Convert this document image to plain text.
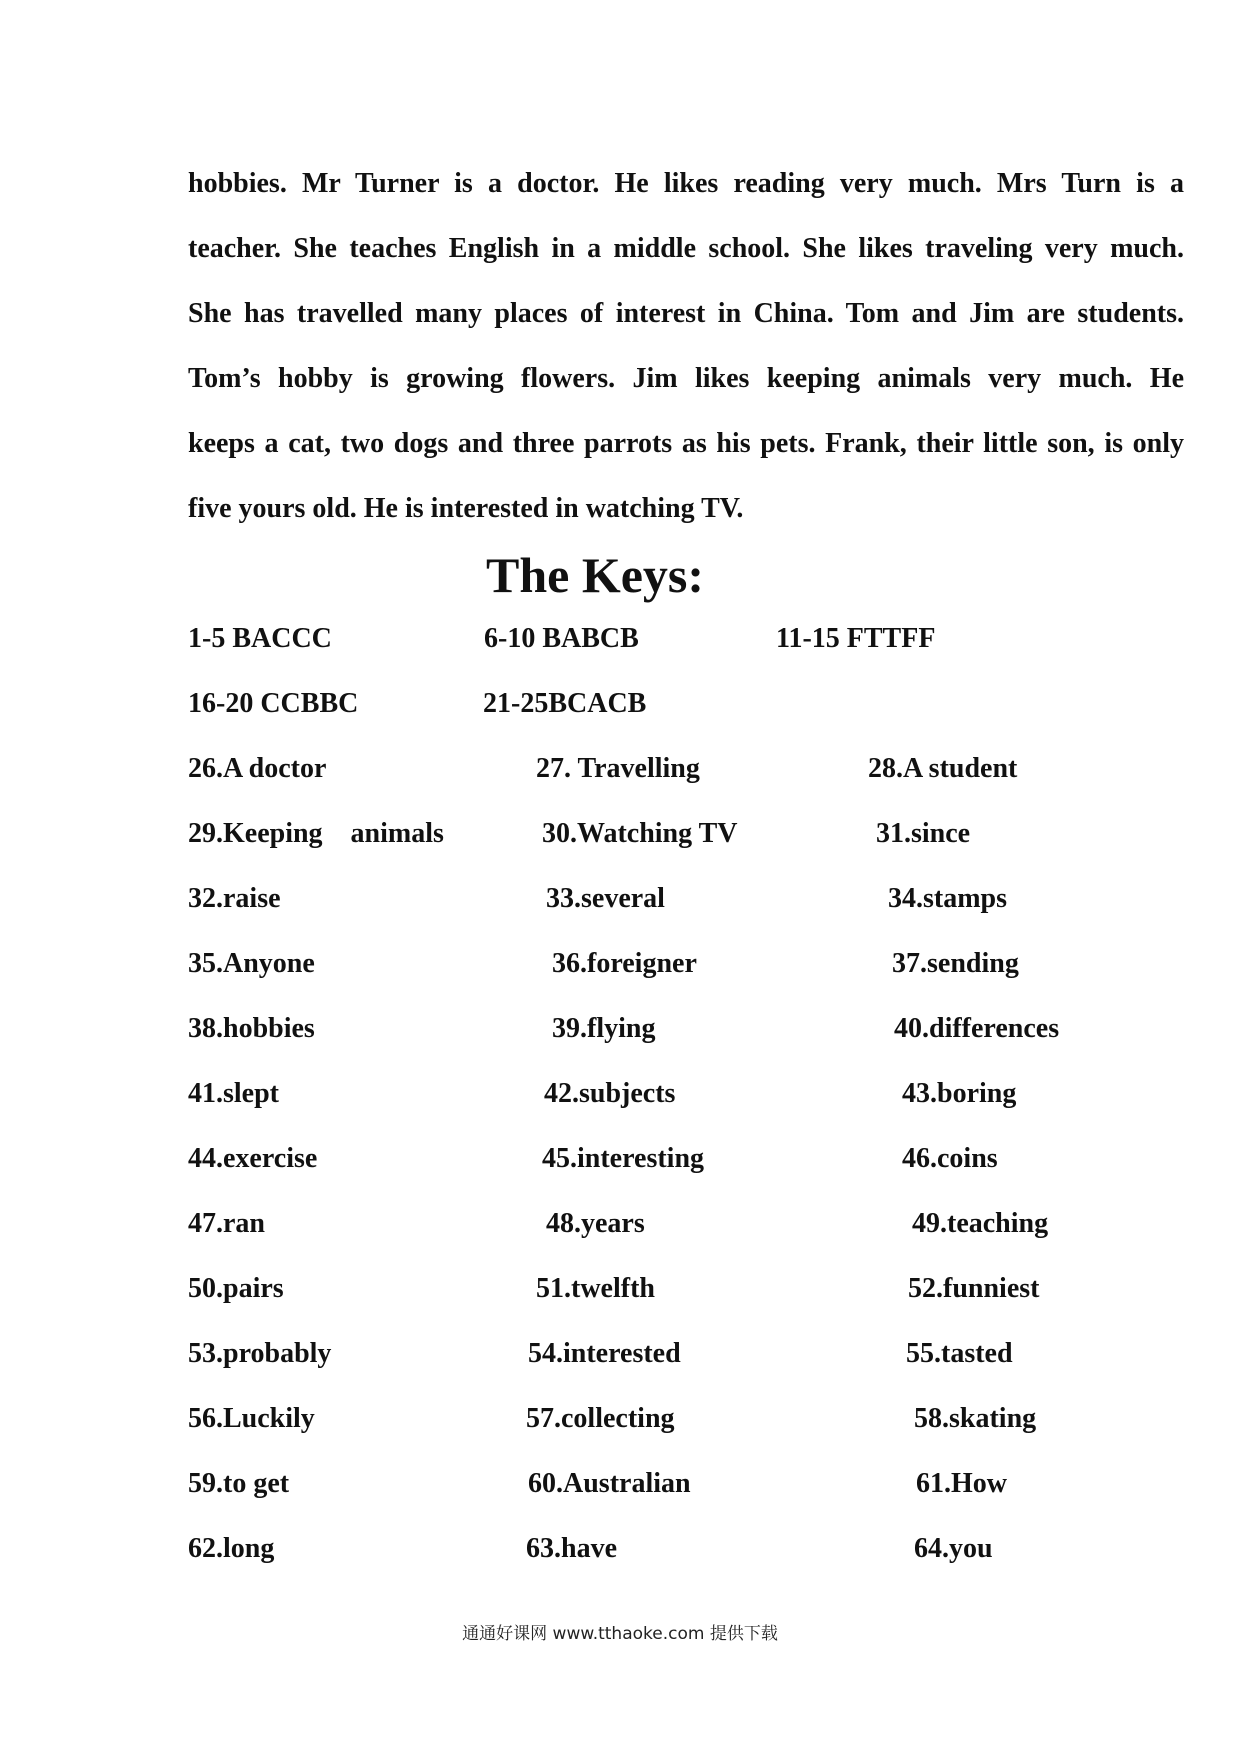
hobbies. Mr Turner is a doctor. He likes reading very much. Mrs Turn is a
teacher. She teaches English in a middle school. She likes traveling very much.
She has travelled many places of interest in China. Tom and Jim are students.
Tom’s hobby is growing flowers. Jim likes keeping animals very much. He
keeps a cat, two dogs and three parrots as his pets. Frank, their little son, is only
five yours old. He is interested in watching TV.
The Keys:
1-5 BACCC	6-10 BABCB	11-15 FTTFF
16-20 CCBBC	21-25BCACB
26.A doctor	27. Travelling	28.A student
29.Keeping    animals	30.Watching TV	31.since
32.raise	33.several	34.stamps
35.Anyone	36.foreigner	37.sending
38.hobbies	39.flying	40.differences
41.slept	42.subjects	43.boring
44.exercise	45.interesting	46.coins
47.ran	48.years	49.teaching
50.pairs	51.twelfth	52.funniest
53.probably	54.interested	55.tasted
56.Luckily	57.collecting	58.skating
59.to get	60.Australian	61.How
62.long	63.have	64.you
通通好课网 www.tthaoke.com 提供下载
